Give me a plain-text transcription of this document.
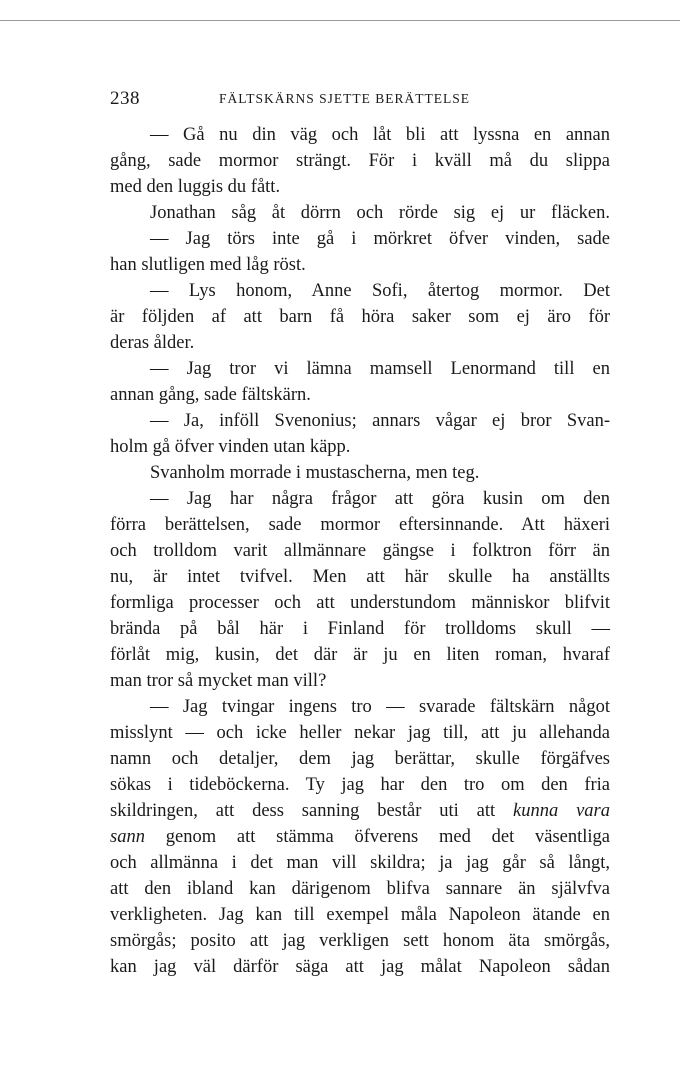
238	FÄLTSKÄRNS SJETTE BERÄTTELSE
— Gå nu din väg och låt bli att lyssna en annan
gång, sade mormor strängt. För i kväll må du slippa
med den luggis du fått.
Jonathan såg åt dörrn och rörde sig ej ur fläcken.
— Jag törs inte gå i mörkret öfver vinden, sade
han slutligen med låg röst.
— Lys honom, Anne Sofi, återtog mormor. Det
är följden af att barn få höra saker som ej äro för
deras ålder.
— Jag tror vi lämna mamsell Lenormand till en
annan gång, sade fältskärn.
— Ja, inföll Svenonius; annars vågar ej bror Svan-
holm gå öfver vinden utan käpp.
Svanholm morrade i mustascherna, men teg.
— Jag har några frågor att göra kusin om den
förra berättelsen, sade mormor eftersinnande. Att häxeri
och trolldom varit allmännare gängse i folktron förr än
nu, är intet tvifvel. Men att här skulle ha anställts
formliga processer och att understundom människor blifvit
brända på bål här i Finland för trolldoms skull —
förlåt mig, kusin, det där är ju en liten roman, hvaraf
man tror så mycket man vill?
— Jag tvingar ingens tro — svarade fältskärn något
misslynt — och icke heller nekar jag till, att ju allehanda
namn och detaljer, dem jag berättar, skulle förgäfves
sökas i tideböckerna. Ty jag har den tro om den fria
skildringen, att dess sanning består uti att kunna vara
sann genom att stämma öfverens med det väsentliga
och allmänna i det man vill skildra; ja jag går så långt,
att den ibland kan därigenom blifva sannare än självfva
verkligheten. Jag kan till exempel måla Napoleon ätande en
smörgås; posito att jag verkligen sett honom äta smörgås,
kan jag väl därför säga att jag målat Napoleon sådan
